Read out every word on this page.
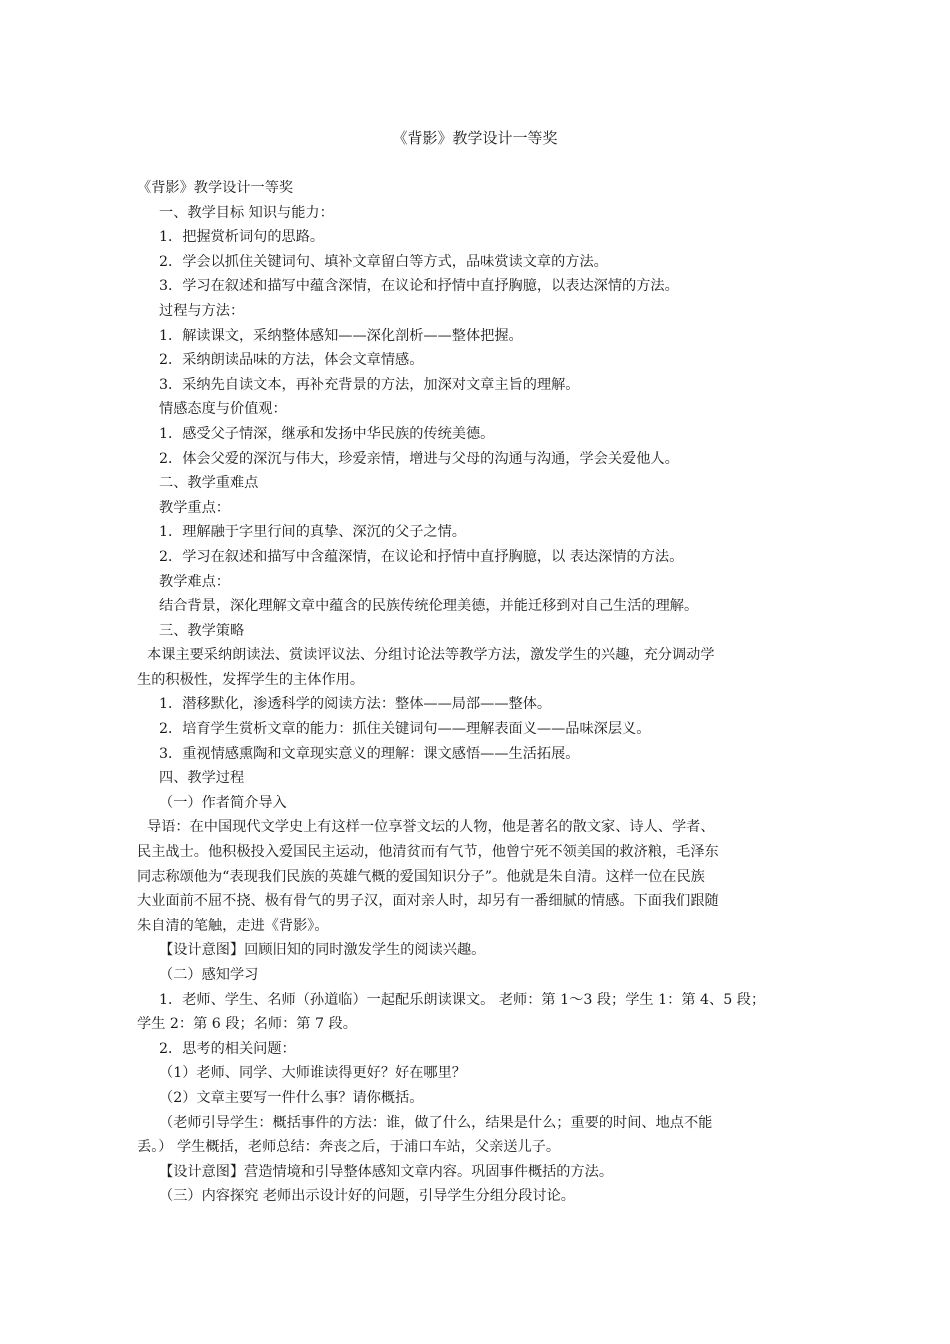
《背影》教学设计一等奖
《背影》教学设计一等奖
一、教学目标 知识与能力：
1．把握赏析词句的思路。
2．学会以抓住关键词句、填补文章留白等方式，品味赏读文章的方法。
3．学习在叙述和描写中蕴含深情，在议论和抒情中直抒胸臆，以表达深情的方法。
过程与方法：
1．解读课文，采纳整体感知——深化剖析——整体把握。
2．采纳朗读品味的方法，体会文章情感。
3．采纳先自读文本，再补充背景的方法，加深对文章主旨的理解。
情感态度与价值观：
1．感受父子情深，继承和发扬中华民族的传统美德。
2．体会父爱的深沉与伟大，珍爱亲情，增进与父母的沟通与沟通，学会关爱他人。
二、教学重难点
教学重点：
1．理解融于字里行间的真挚、深沉的父子之情。
2．学习在叙述和描写中含蕴深情，在议论和抒情中直抒胸臆，以 表达深情的方法。
教学难点：
结合背景，深化理解文章中蕴含的民族传统伦理美德，并能迁移到对自己生活的理解。
三、教学策略
本课主要采纳朗读法、赏读评议法、分组讨论法等教学方法，激发学生的兴趣，充分调动学
生的积极性，发挥学生的主体作用。
1．潜移默化，渗透科学的阅读方法：整体——局部——整体。
2．培育学生赏析文章的能力：抓住关键词句——理解表面义——品味深层义。
3．重视情感熏陶和文章现实意义的理解：课文感悟——生活拓展。
四、教学过程
（一）作者简介导入
导语：在中国现代文学史上有这样一位享誉文坛的人物，他是著名的散文家、诗人、学者、
民主战士。他积极投入爱国民主运动，他清贫而有气节，他曾宁死不领美国的救济粮，毛泽东
同志称颂他为“表现我们民族的英雄气概的爱国知识分子”。他就是朱自清。这样一位在民族
大业面前不屈不挠、极有骨气的男子汉，面对亲人时，却另有一番细腻的情感。下面我们跟随
朱自清的笔触，走进《背影》。
【设计意图】回顾旧知的同时激发学生的阅读兴趣。
（二）感知学习
1．老师、学生、名师（孙道临）一起配乐朗读课文。 老师：第 1～3 段；学生 1：第 4、5 段；
学生 2：第 6 段；名师：第 7 段。
2．思考的相关问题：
（1）老师、同学、大师谁读得更好？好在哪里？
（2）文章主要写一件什么事？请你概括。
（老师引导学生：概括事件的方法：谁，做了什么，结果是什么；重要的时间、地点不能
丢。） 学生概括，老师总结：奔丧之后，于浦口车站，父亲送儿子。
【设计意图】营造情境和引导整体感知文章内容。巩固事件概括的方法。
（三）内容探究 老师出示设计好的问题，引导学生分组分段讨论。
